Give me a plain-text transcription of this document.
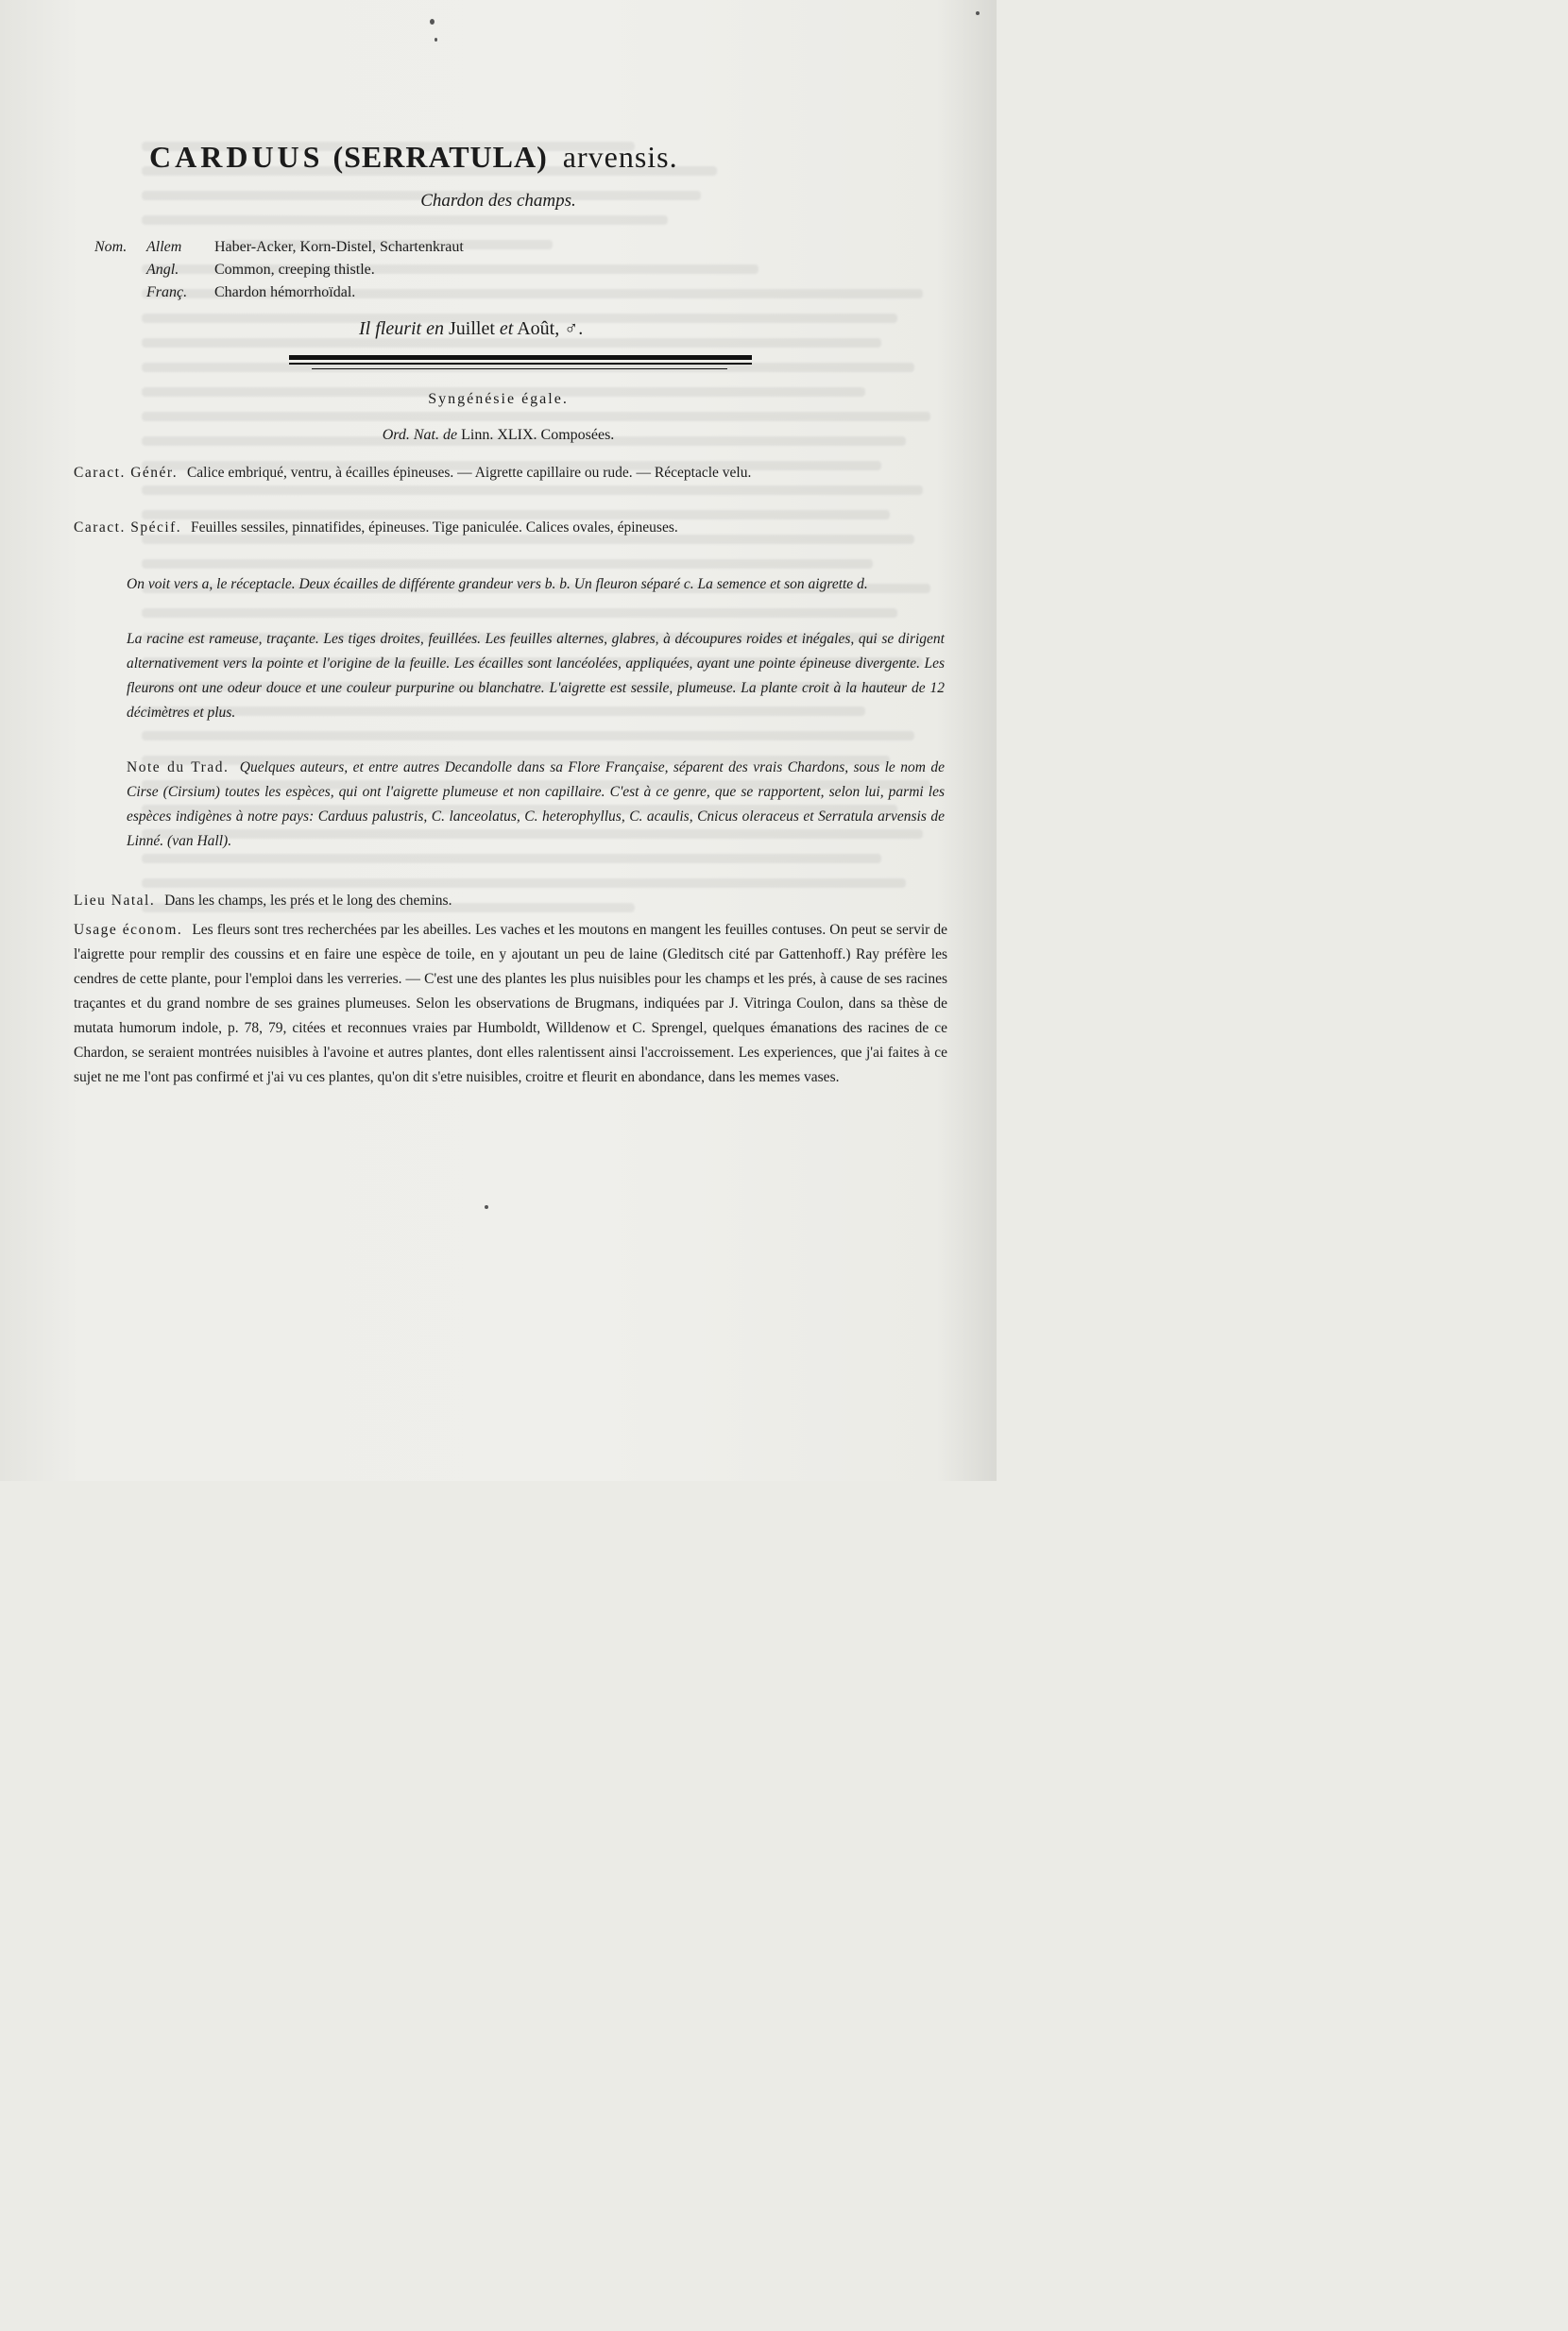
CARDUUS (SERRATULA) arvensis.
Chardon des champs.
Nom.	Allem	Haber-Acker, Korn-Distel, Schartenkraut
Angl.	Common, creeping thistle.
Franç.	Chardon hémorrhoïdal.
Il fleurit en Juillet et Août, ♂.
Syngénésie égale.
Ord. Nat. de Linn. XLIX. Composées.
Caract. Génér. Calice embriqué, ventru, à écailles épineuses. — Aigrette capillaire ou rude. — Réceptacle velu.
Caract. Spécif. Feuilles sessiles, pinnatifides, épineuses. Tige paniculée. Calices ovales, épineuses.
On voit vers a, le réceptacle. Deux écailles de différente grandeur vers b. b. Un fleuron séparé c. La semence et son aigrette d.
La racine est rameuse, traçante. Les tiges droites, feuillées. Les feuilles alternes, glabres, à découpures roides et inégales, qui se dirigent alternativement vers la pointe et l'origine de la feuille. Les écailles sont lancéolées, appliquées, ayant une pointe épineuse divergente. Les fleurons ont une odeur douce et une couleur purpurine ou blanchatre. L'aigrette est sessile, plumeuse. La plante croit à la hauteur de 12 décimètres et plus.
Note du Trad. Quelques auteurs, et entre autres Decandolle dans sa Flore Française, séparent des vrais Chardons, sous le nom de Cirse (Cirsium) toutes les espèces, qui ont l'aigrette plumeuse et non capillaire. C'est à ce genre, que se rapportent, selon lui, parmi les espèces indigènes à notre pays: Carduus palustris, C. lanceolatus, C. heterophyllus, C. acaulis, Cnicus oleraceus et Serratula arvensis de Linné. (van Hall).
Lieu Natal. Dans les champs, les prés et le long des chemins.
Usage économ. Les fleurs sont tres recherchées par les abeilles. Les vaches et les moutons en mangent les feuilles contuses. On peut se servir de l'aigrette pour remplir des coussins et en faire une espèce de toile, en y ajoutant un peu de laine (Gleditsch cité par Gattenhoff.) Ray préfère les cendres de cette plante, pour l'emploi dans les verreries. — C'est une des plantes les plus nuisibles pour les champs et les prés, à cause de ses racines traçantes et du grand nombre de ses graines plumeuses. Selon les observations de Brugmans, indiquées par J. Vitringa Coulon, dans sa thèse de mutata humorum indole, p. 78, 79, citées et reconnues vraies par Humboldt, Willdenow et C. Sprengel, quelques émanations des racines de ce Chardon, se seraient montrées nuisibles à l'avoine et autres plantes, dont elles ralentissent ainsi l'accroissement. Les experiences, que j'ai faites à ce sujet ne me l'ont pas confirmé et j'ai vu ces plantes, qu'on dit s'etre nuisibles, croitre et fleurit en abondance, dans les memes vases.
